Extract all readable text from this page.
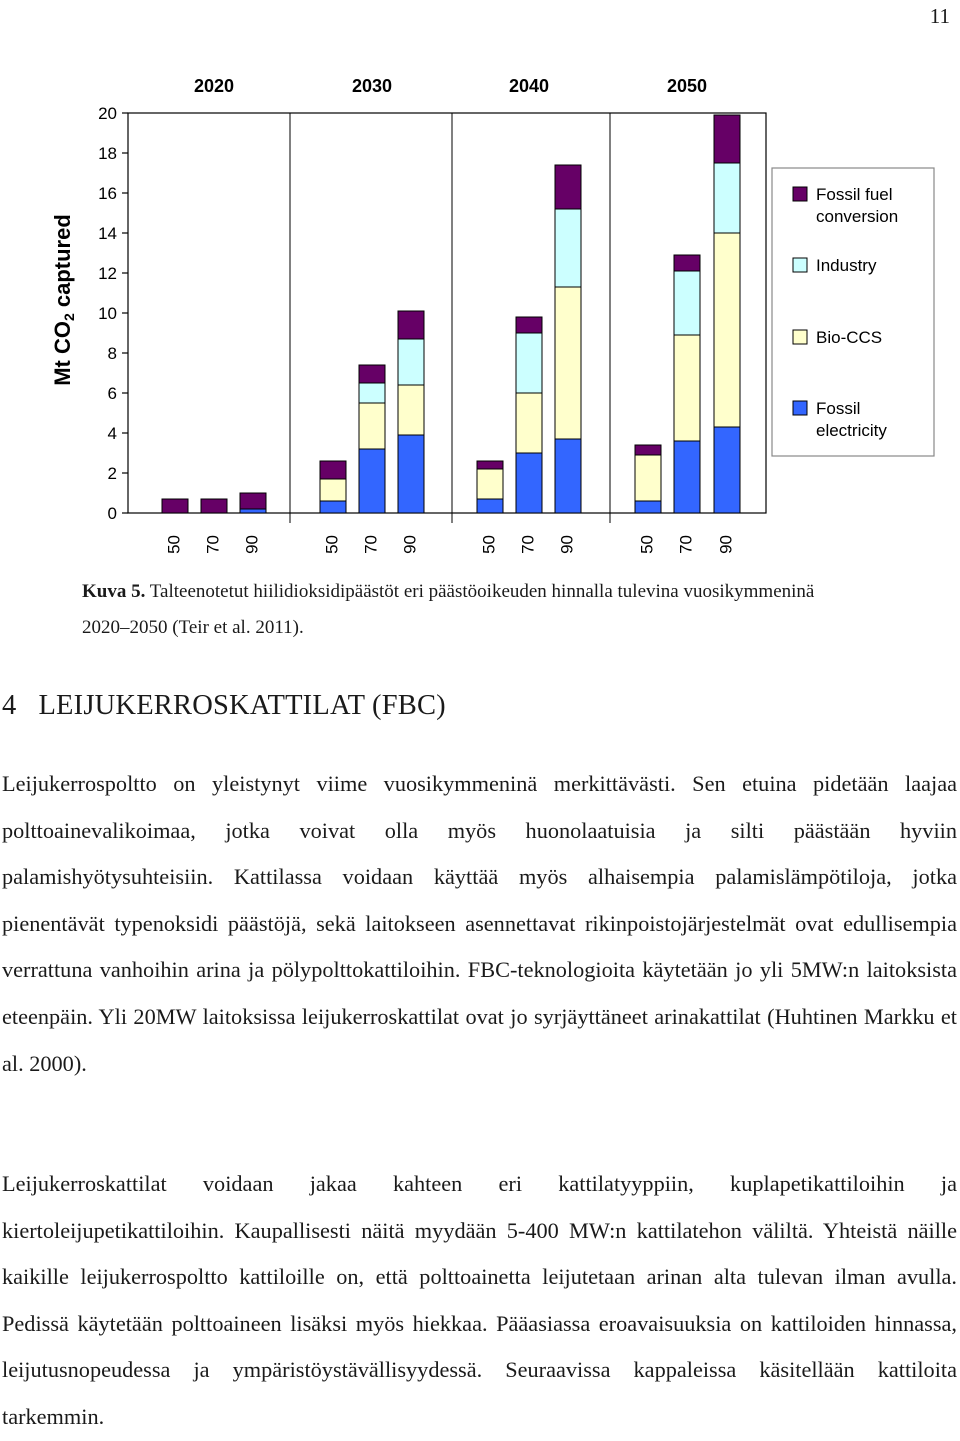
11
Mt CO2 captured
0
2
4
6
8
10
12
14
16
18
20
2020	2030	2040	2050
50 70 90	50 70 90	50 70 90	50 70 90
Fossil fuel
conversion
Industry
Bio-CCS
Fossil
electricity
Kuva 5. Talteenotetut hiilidioksidipäästöt eri päästöoikeuden hinnalla tulevina vuosikymmeninä
2020–2050 (Teir et al. 2011).
4 LEIJUKERROSKATTILAT (FBC)

Leijukerrospoltto on yleistynyt viime vuosikymmeninä merkittävästi. Sen etuina pidetään laajaa polttoainevalikoimaa, jotka voivat olla myös huonolaatuisia ja silti päästään hyviin palamishyötysuhteisiin. Kattilassa voidaan käyttää myös alhaisempia palamislämpötiloja, jotka pienentävät typenoksidi päästöjä, sekä laitokseen asennettavat rikinpoistojärjestelmät ovat edullisempia verrattuna vanhoihin arina ja pölypolttokattiloihin. FBC-teknologioita käytetään jo yli 5MW:n laitoksista eteenpäin. Yli 20MW laitoksissa leijukerroskattilat ovat jo syrjäyttäneet arinakattilat (Huhtinen Markku et al. 2000).

Leijukerroskattilat voidaan jakaa kahteen eri kattilatyyppiin, kuplapetikattiloihin ja kiertoleijupetikattiloihin. Kaupallisesti näitä myydään 5-400 MW:n kattilatehon väliltä. Yhteistä näille kaikille leijukerrospoltto kattiloille on, että polttoainetta leijutetaan arinan alta tulevan ilman avulla. Pedissä käytetään polttoaineen lisäksi myös hiekkaa. Pääasiassa eroavaisuuksia on kattiloiden hinnassa, leijutusnopeudessa ja ympäristöystävällisyydessä. Seuraavissa kappaleissa käsitellään kattiloita tarkemmin.
